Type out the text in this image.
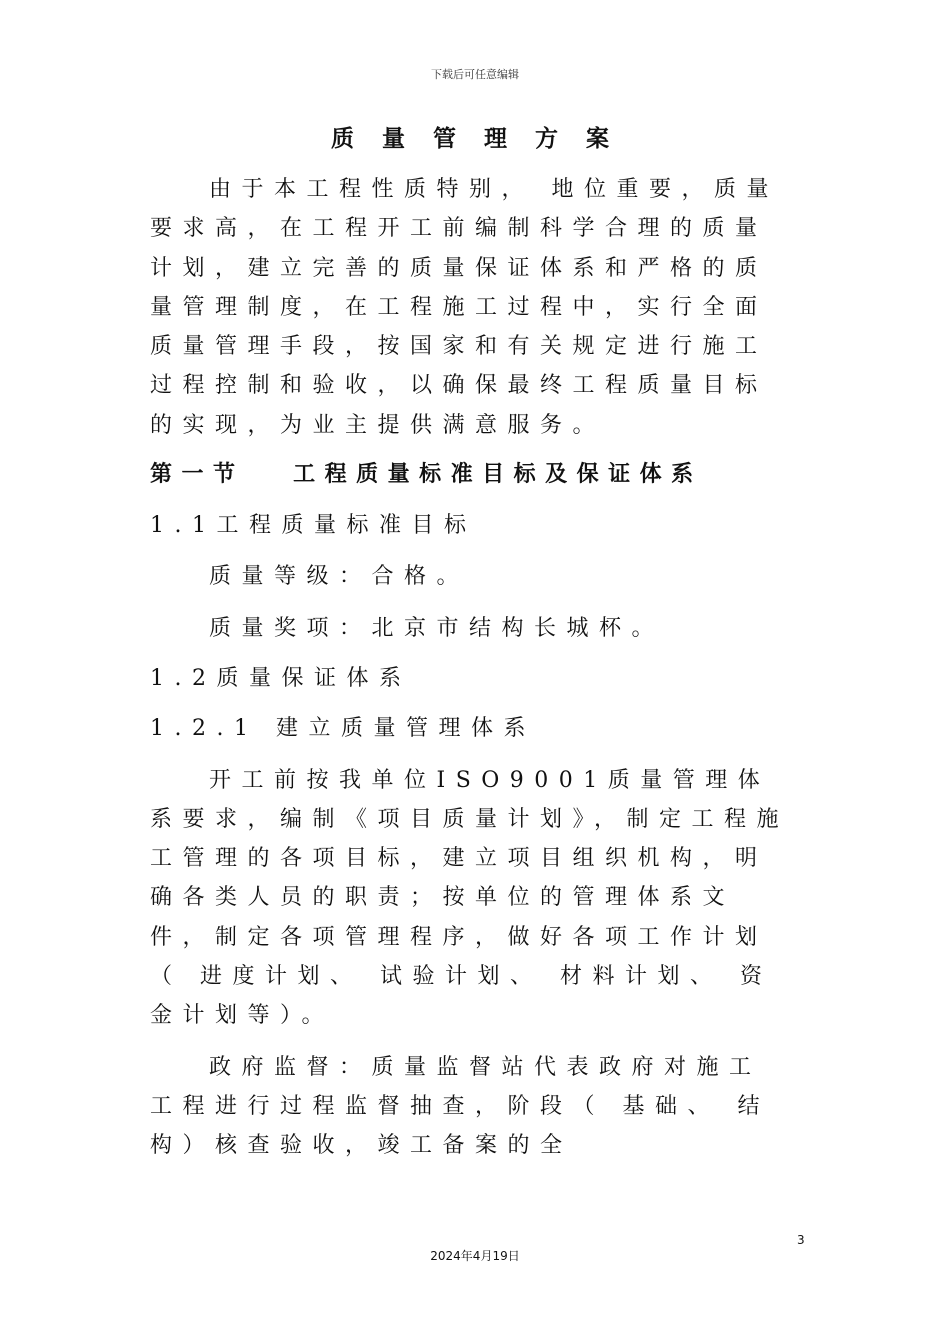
下载后可任意编辑
质 量 管 理 方 案

由于本工程性质特别， 地位重要，质量要求高，在工程开工前编制科学合理的质量计划，建立完善的质量保证体系和严格的质量管理制度，在工程施工过程中，实行全面质量管理手段，按国家和有关规定进行施工过程控制和验收，以确保最终工程质量目标的实现，为业主提供满意服务。

第一节　 工程质量标准目标及保证体系

1.1工程质量标准目标

质量等级：合格。

质量奖项：北京市结构长城杯。

1.2质量保证体系

1.2.1 建立质量管理体系

开工前按我单位ISO9001质量管理体系要求，编制《项目质量计划》，制定工程施工管理的各项目标，建立项目组织机构，明确各类人员的职责；按单位的管理体系文件，制定各项管理程序，做好各项工作计划（ 进度计划、 试验计划、 材料计划、 资金计划等）。

政府监督：质量监督站代表政府对施工工程进行过程监督抽查，阶段（ 基础、 结构）核查验收，竣工备案的全

3
2024年4月19日
